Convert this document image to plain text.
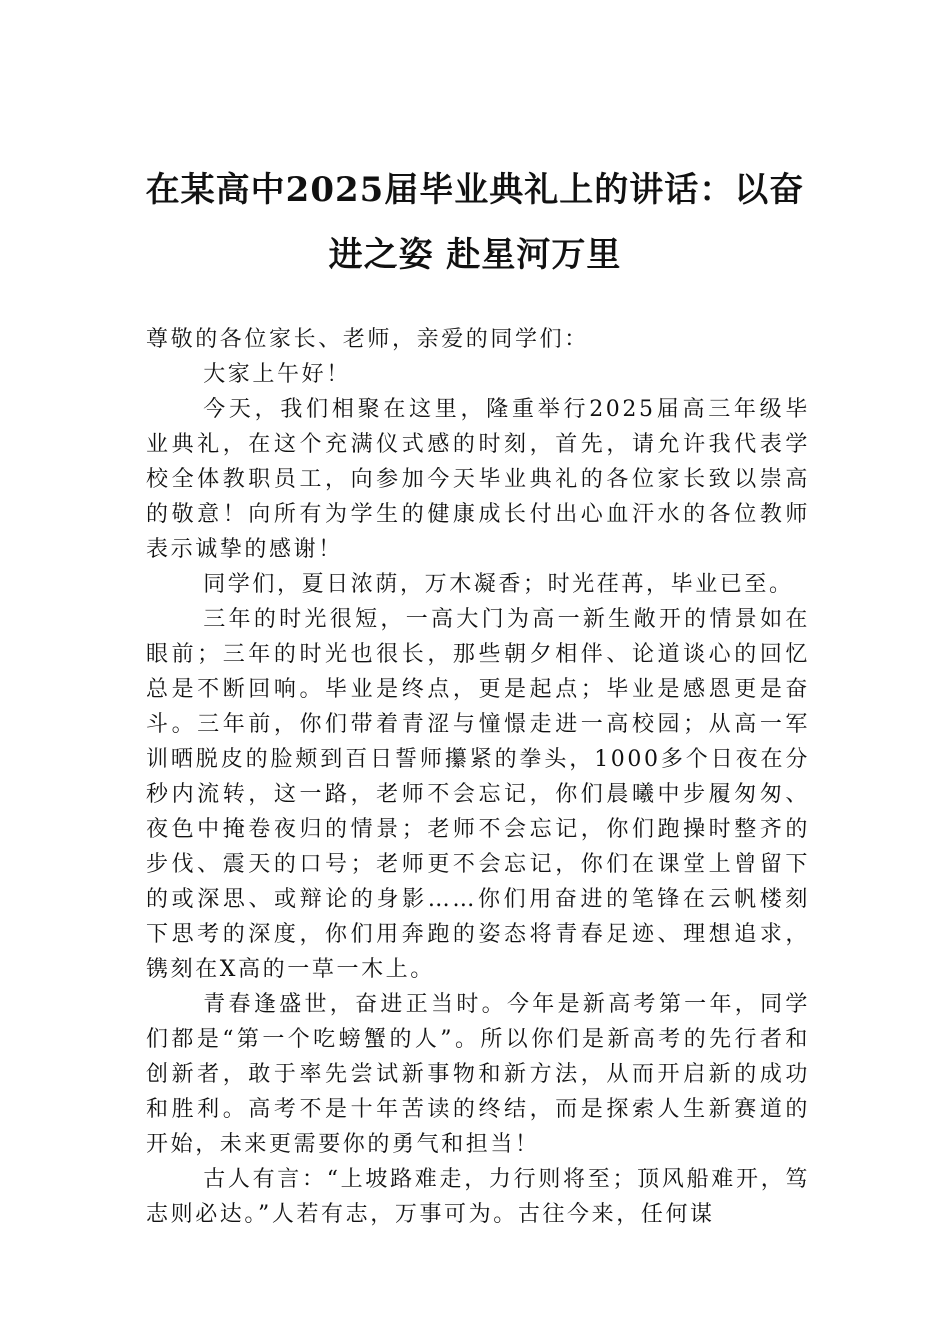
在某高中2025届毕业典礼上的讲话：以奋
进之姿 赴星河万里

尊敬的各位家长、老师，亲爱的同学们：

大家上午好！

今天，我们相聚在这里，隆重举行2025届高三年级毕业典礼，在这个充满仪式感的时刻，首先，请允许我代表学校全体教职员工，向参加今天毕业典礼的各位家长致以崇高的敬意！向所有为学生的健康成长付出心血汗水的各位教师表示诚挚的感谢！

同学们，夏日浓荫，万木凝香；时光荏苒，毕业已至。

三年的时光很短，一高大门为高一新生敞开的情景如在眼前；三年的时光也很长，那些朝夕相伴、论道谈心的回忆总是不断回响。毕业是终点，更是起点；毕业是感恩更是奋斗。三年前，你们带着青涩与憧憬走进一高校园；从高一军训晒脱皮的脸颊到百日誓师攥紧的拳头，1000多个日夜在分秒内流转，这一路，老师不会忘记，你们晨曦中步履匆匆、夜色中掩卷夜归的情景；老师不会忘记，你们跑操时整齐的步伐、震天的口号；老师更不会忘记，你们在课堂上曾留下的或深思、或辩论的身影……你们用奋进的笔锋在云帆楼刻下思考的深度，你们用奔跑的姿态将青春足迹、理想追求，镌刻在X高的一草一木上。

青春逢盛世，奋进正当时。今年是新高考第一年，同学们都是“第一个吃螃蟹的人”。所以你们是新高考的先行者和创新者，敢于率先尝试新事物和新方法，从而开启新的成功和胜利。高考不是十年苦读的终结，而是探索人生新赛道的开始，未来更需要你的勇气和担当！

古人有言：“上坡路难走，力行则将至；顶风船难开，笃志则必达。”人若有志，万事可为。古往今来，任何谋
